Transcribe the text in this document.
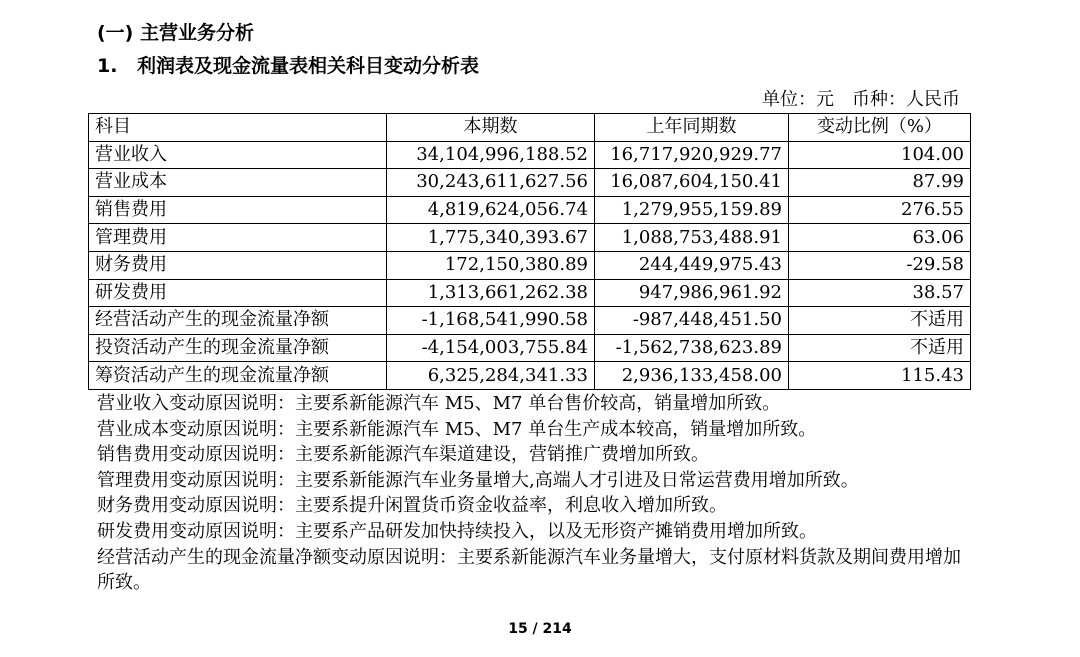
(一) 主营业务分析
1. 利润表及现金流量表相关科目变动分析表
单位：元　币种：人民币
科目	本期数	上年同期数	变动比例（%）
营业收入	34,104,996,188.52	16,717,920,929.77	104.00
营业成本	30,243,611,627.56	16,087,604,150.41	87.99
销售费用	4,819,624,056.74	1,279,955,159.89	276.55
管理费用	1,775,340,393.67	1,088,753,488.91	63.06
财务费用	172,150,380.89	244,449,975.43	-29.58
研发费用	1,313,661,262.38	947,986,961.92	38.57
经营活动产生的现金流量净额	-1,168,541,990.58	-987,448,451.50	不适用
投资活动产生的现金流量净额	-4,154,003,755.84	-1,562,738,623.89	不适用
筹资活动产生的现金流量净额	6,325,284,341.33	2,936,133,458.00	115.43
营业收入变动原因说明：主要系新能源汽车 M5、M7 单台售价较高，销量增加所致。
营业成本变动原因说明：主要系新能源汽车 M5、M7 单台生产成本较高，销量增加所致。
销售费用变动原因说明：主要系新能源汽车渠道建设，营销推广费增加所致。
管理费用变动原因说明：主要系新能源汽车业务量增大,高端人才引进及日常运营费用增加所致。
财务费用变动原因说明：主要系提升闲置货币资金收益率，利息收入增加所致。
研发费用变动原因说明：主要系产品研发加快持续投入，以及无形资产摊销费用增加所致。
经营活动产生的现金流量净额变动原因说明：主要系新能源汽车业务量增大，支付原材料货款及期间费用增加所致。
15 / 214
